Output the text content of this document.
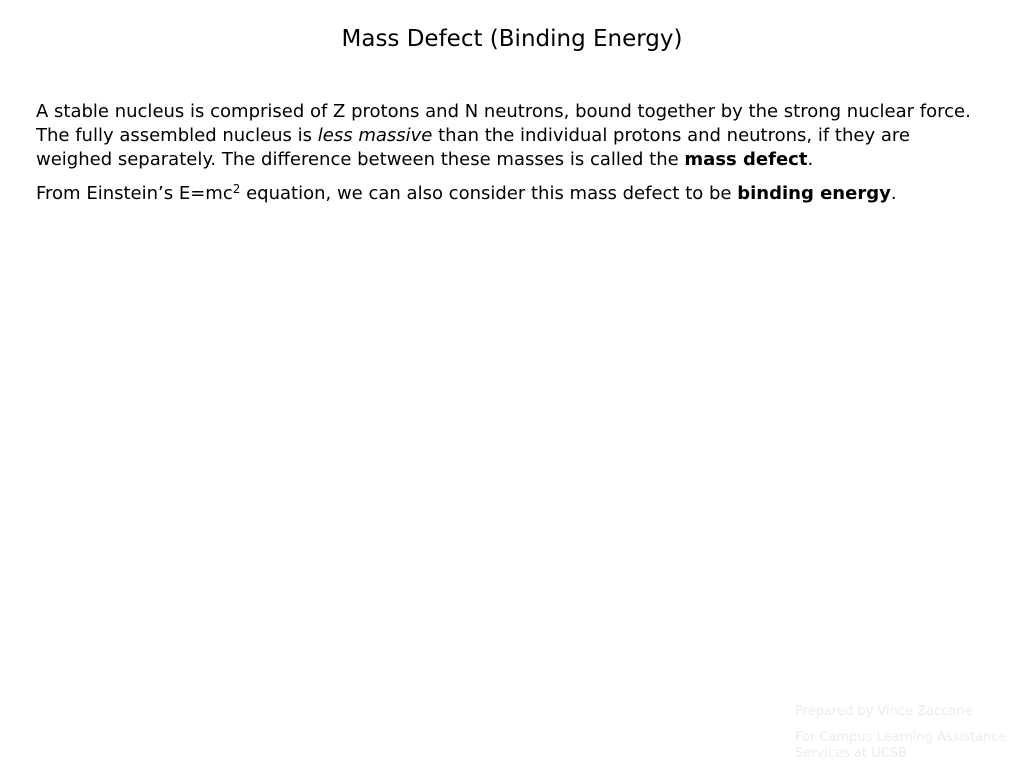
Mass Defect (Binding Energy)

A stable nucleus is comprised of Z protons and N neutrons, bound together by the strong nuclear force. The fully assembled nucleus is less massive than the individual protons and neutrons, if they are weighed separately. The difference between these masses is called the mass defect.

From Einstein’s $E=mc^2$ equation, we can also consider this mass defect to be binding energy.

Prepared by Vince Zaccone
For Campus Learning Assistance Services at UCSB
